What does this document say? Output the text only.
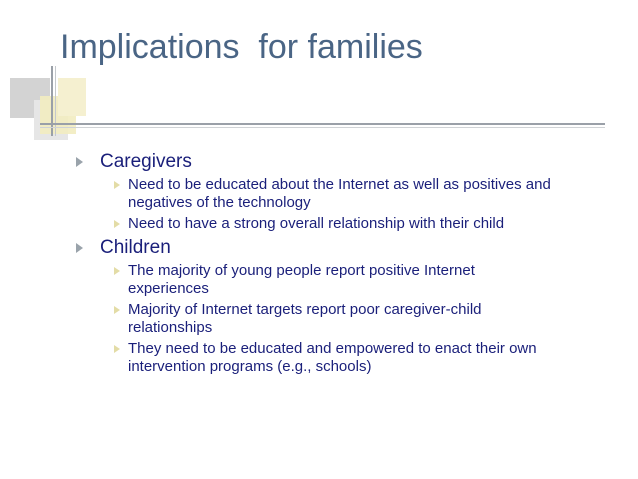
Implications  for families
Caregivers
Need to be educated about the Internet as well as positives and negatives of the technology
Need to have a strong overall relationship with their child
Children
The majority of young people report positive Internet experiences
Majority of Internet targets report poor caregiver-child relationships
They need to be educated and empowered to enact their own intervention programs (e.g., schools)
